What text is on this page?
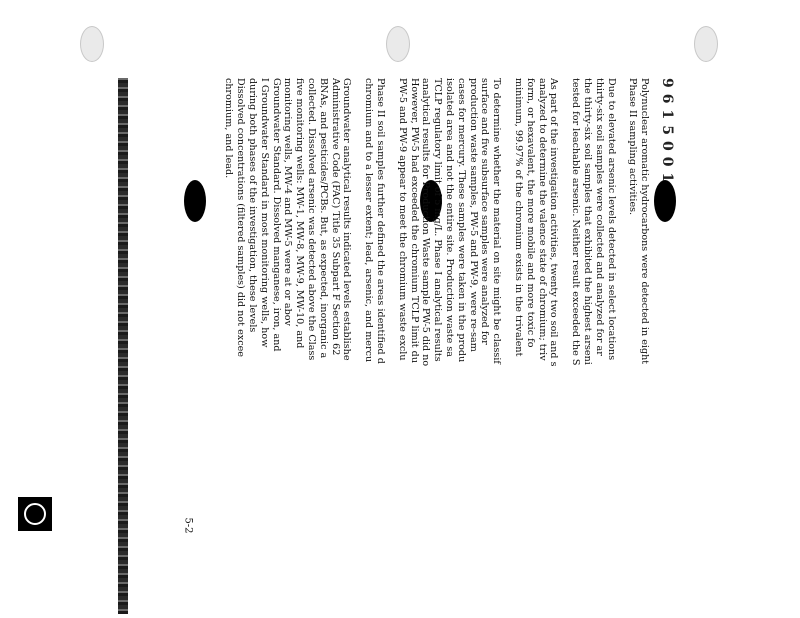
9615001
Polynuclear aromatic hydrocarbons were detected in eight
Phase II sampling activities.
Due to elevated arsenic levels detected in select locations
thirty-six soil samples were collected and analyzed for ar
the thirty-six soil samples that exhibited the highest arseni
tested for leachable arsenic. Neither result exceeded the S
As part of the investigation activities, twenty two soil and s
analyzed to determine the valence state of chromium; triv
form, or hexavalent, the more mobile and more toxic fo
minimum, 99.97% of the chromium exists in the trivalent
To determine whether the material on site might be classif
surface and five subsurface samples were analyzed for
production waste samples, PW-5 and PW-9, were re-sam
cases for mercury. These samples were taken in the produ
isolated area and not the entire site. Production waste sa
TCLP regulatory limit of 5 mg/L. Phase I analytical results
analytical results for Production Waste sample PW-5 did no
However, PW-5 had exceeded the chromium TCLP limit du
PW-5 and PW-9 appear to meet the chromium waste exclu
Phase II soil samples further defined the areas identified d
chromium and to a lesser extent; lead, arsenic, and mercu
Groundwater analytical results indicated levels establishe
Administrative Code (FAC) Title 35 Subpart F Section 62
BNAs, and pesticides/PCBs. But, as expected, inorganic a
collected. Dissolved arsenic was detected above the Class
five monitoring wells: MW-1, MW-8, MW-9, MW-10, and
monitoring wells, MW-4 and MW-5 were at or abov
Groundwater Standard. Dissolved manganese, iron, and
I Groundwater Standard in most monitoring wells, how
during both phases of the investigation, these levels
Dissolved concentrations (filtered samples) did not excee
chromium, and lead.
5-2
